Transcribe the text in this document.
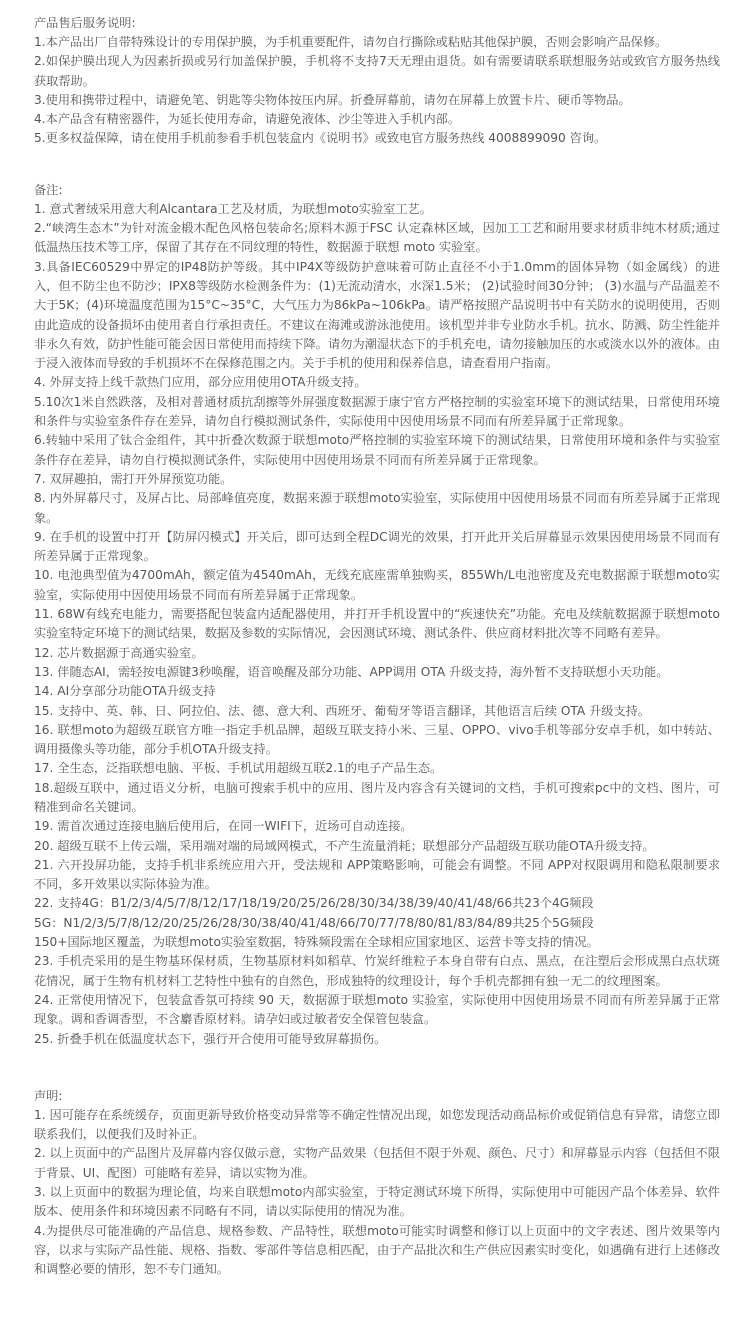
产品售后服务说明:

1.本产品出厂自带特殊设计的专用保护膜，为手机重要配件，请勿自行撕除或粘贴其他保护膜，否则会影响产品保修。

2.如保护膜出现人为因素折损或另行加盖保护膜，手机将不支持7天无理由退货。如有需要请联系联想服务站或致官方服务热线获取帮助。

3.使用和携带过程中，请避免笔、钥匙等尖物体按压内屏。折叠屏幕前，请勿在屏幕上放置卡片、硬币等物品。

4.本产品含有精密器件，为延长使用寿命，请避免液体、沙尘等进入手机内部。

5.更多权益保障，请在使用手机前参看手机包装盒内《说明书》或致电官方服务热线 4008899090 咨询。

备注:

1. 意式奢绒采用意大利Alcantara工艺及材质，为联想moto实验室工艺。

2.“峡湾生态木”为针对流金椴木配色风格包装命名;原料木源于FSC 认定森林区域，因加工工艺和耐用要求材质非纯木材质;通过低温热压技术等工序，保留了其存在不同纹理的特性，数据源于联想 moto 实验室。

3.具备IEC60529中界定的IP48防护等级。其中IP4X等级防护意味着可防止直径不小于1.0mm的固体异物（如金属线）的进入，但不防尘也不防沙；IPX8等级防水检测条件为：(1)无流动清水，水深1.5米； (2)试验时间30分钟； (3)水温与产品温差不大于5K；(4)环境温度范围为15°C~35°C，大气压力为86kPa~106kPa。请严格按照产品说明书中有关防水的说明使用，否则由此造成的设备损坏由使用者自行承担责任。不建议在海滩或游泳池使用。该机型并非专业防水手机。抗水、防溅、防尘性能并非永久有效，防护性能可能会因日常使用而持续下降。请勿为潮湿状态下的手机充电，请勿接触加压的水或淡水以外的液体。由于浸入液体而导致的手机损坏不在保修范围之内。关于手机的使用和保养信息，请查看用户指南。

4. 外屏支持上线千款热门应用，部分应用使用OTA升级支持。

5.10次1米自然跌落，及相对普通材质抗刮擦等外屏强度数据源于康宁官方严格控制的实验室环境下的测试结果，日常使用环境和条件与实验室条件存在差异，请勿自行模拟测试条件，实际使用中因使用场景不同而有所差异属于正常现象。

6.转轴中采用了钛合金组件，其中折叠次数源于联想moto严格控制的实验室环境下的测试结果，日常使用环境和条件与实验室条件存在差异，请勿自行模拟测试条件，实际使用中因使用场景不同而有所差异属于正常现象。

7. 双屏趣拍，需打开外屏预览功能。

8. 内外屏幕尺寸，及屏占比、局部峰值亮度，数据来源于联想moto实验室，实际使用中因使用场景不同而有所差异属于正常现象。

9. 在手机的设置中打开【防屏闪模式】开关后，即可达到全程DC调光的效果，打开此开关后屏幕显示效果因使用场景不同而有所差异属于正常现象。

10. 电池典型值为4700mAh，额定值为4540mAh，无线充底座需单独购买，855Wh/L电池密度及充电数据源于联想moto实验室，实际使用中因使用场景不同而有所差异属于正常现象。

11. 68W有线充电能力，需要搭配包装盒内适配器使用，并打开手机设置中的“疾速快充”功能。充电及续航数据源于联想moto实验室特定环境下的测试结果，数据及参数的实际情况，会因测试环境、测试条件、供应商材料批次等不同略有差异。

12. 芯片数据源于高通实验室。

13. 伴随态AI，需轻按电源键3秒唤醒，语音唤醒及部分功能、APP调用 OTA 升级支持，海外暂不支持联想小天功能。

14. AI分享部分功能OTA升级支持

15. 支持中、英、韩、日、阿拉伯、法、德、意大利、西班牙、葡萄牙等语言翻译，其他语言后续 OTA 升级支持。

16. 联想moto为超级互联官方唯一指定手机品牌，超级互联支持小米、三星、OPPO、vivo手机等部分安卓手机，如中转站、调用摄像头等功能，部分手机OTA升级支持。

17. 全生态，泛指联想电脑、平板、手机试用超级互联2.1的电子产品生态。

18.超级互联中，通过语义分析，电脑可搜索手机中的应用、图片及内容含有关键词的文档，手机可搜索pc中的文档、图片，可精准到命名关键词。

19. 需首次通过连接电脑后使用后，在同一WIFI下，近场可自动连接。

20. 超级互联不上传云端，采用端对端的局域网模式，不产生流量消耗；联想部分产品超级互联功能OTA升级支持。

21. 六开投屏功能，支持手机非系统应用六开，受法规和 APP策略影响，可能会有调整。不同 APP对权限调用和隐私限制要求不同，多开效果以实际体验为准。

22. 支持4G：B1/2/3/4/5/7/8/12/17/18/19/20/25/26/28/30/34/38/39/40/41/48/66共23个4G频段

5G：N1/2/3/5/7/8/12/20/25/26/28/30/38/40/41/48/66/70/77/78/80/81/83/84/89共25个5G频段

150+国际地区覆盖，为联想moto实验室数据，特殊频段需在全球相应国家地区、运营卡等支持的情况。

23. 手机壳采用的是生物基环保材质，生物基原材料如稻草、竹炭纤维粒子本身自带有白点、黑点，在注塑后会形成黑白点状斑花情况，属于生物有机材料工艺特性中独有的自然色，形成独特的纹理设计，每个手机壳都拥有独一无二的纹理图案。

24. 正常使用情况下，包装盒香氛可持续 90 天，数据源于联想moto 实验室，实际使用中因使用场景不同而有所差异属于正常现象。调和香调香型，不含麝香原材料。请孕妇或过敏者安全保管包装盒。

25. 折叠手机在低温度状态下，强行开合使用可能导致屏幕损伤。

声明:

1. 因可能存在系统缓存，页面更新导致价格变动异常等不确定性情况出现，如您发现活动商品标价或促销信息有异常，请您立即联系我们，以便我们及时补正。

2. 以上页面中的产品图片及屏幕内容仅做示意，实物产品效果（包括但不限于外观、颜色、尺寸）和屏幕显示内容（包括但不限于背景、UI、配图）可能略有差异，请以实物为准。

3. 以上页面中的数据为理论值，均来自联想moto内部实验室，于特定测试环境下所得，实际使用中可能因产品个体差异、软件版本、使用条件和环境因素不同略有不同，请以实际使用的情况为准。

4.为提供尽可能准确的产品信息、规格参数、产品特性，联想moto可能实时调整和修订以上页面中的文字表述、图片效果等内容，以求与实际产品性能、规格、指数、零部件等信息相匹配，由于产品批次和生产供应因素实时变化，如遇确有进行上述修改和调整必要的情形，恕不专门通知。
